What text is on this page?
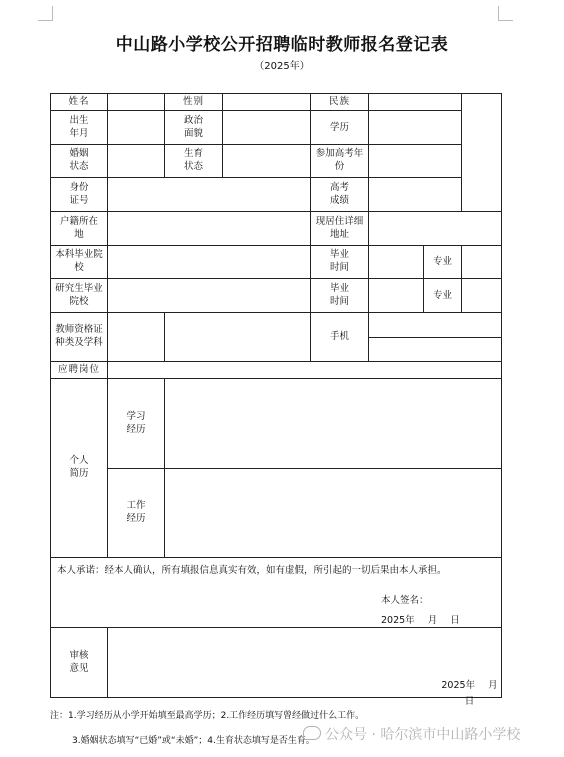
中山路小学校公开招聘临时教师报名登记表
（2025年）
姓名		性别		民族			
出生年月		政治面貌		学历			
婚姻状态		生育状态		参加高考年份			
身份证号				高考成绩			
户籍所在地				现居住详细地址			
本科毕业院校				毕业时间		专业	
研究生毕业院校				毕业时间		专业	
教师资格证种类及学科				手机			

应聘岗位							
个人简历	学习经历						
	工作经历						
本人承诺：经本人确认，所有填报信息真实有效，如有虚假，所引起的一切后果由本人承担。
本人签名：
2025年 月 日							

审核意见	2025年 月 日						
注：1.学习经历从小学开始填至最高学历；2.工作经历填写曾经做过什么工作。
3.婚姻状态填写“已婚”或“未婚”；4.生育状态填写是否生育。 公众号 · 哈尔滨市中山路小学校
